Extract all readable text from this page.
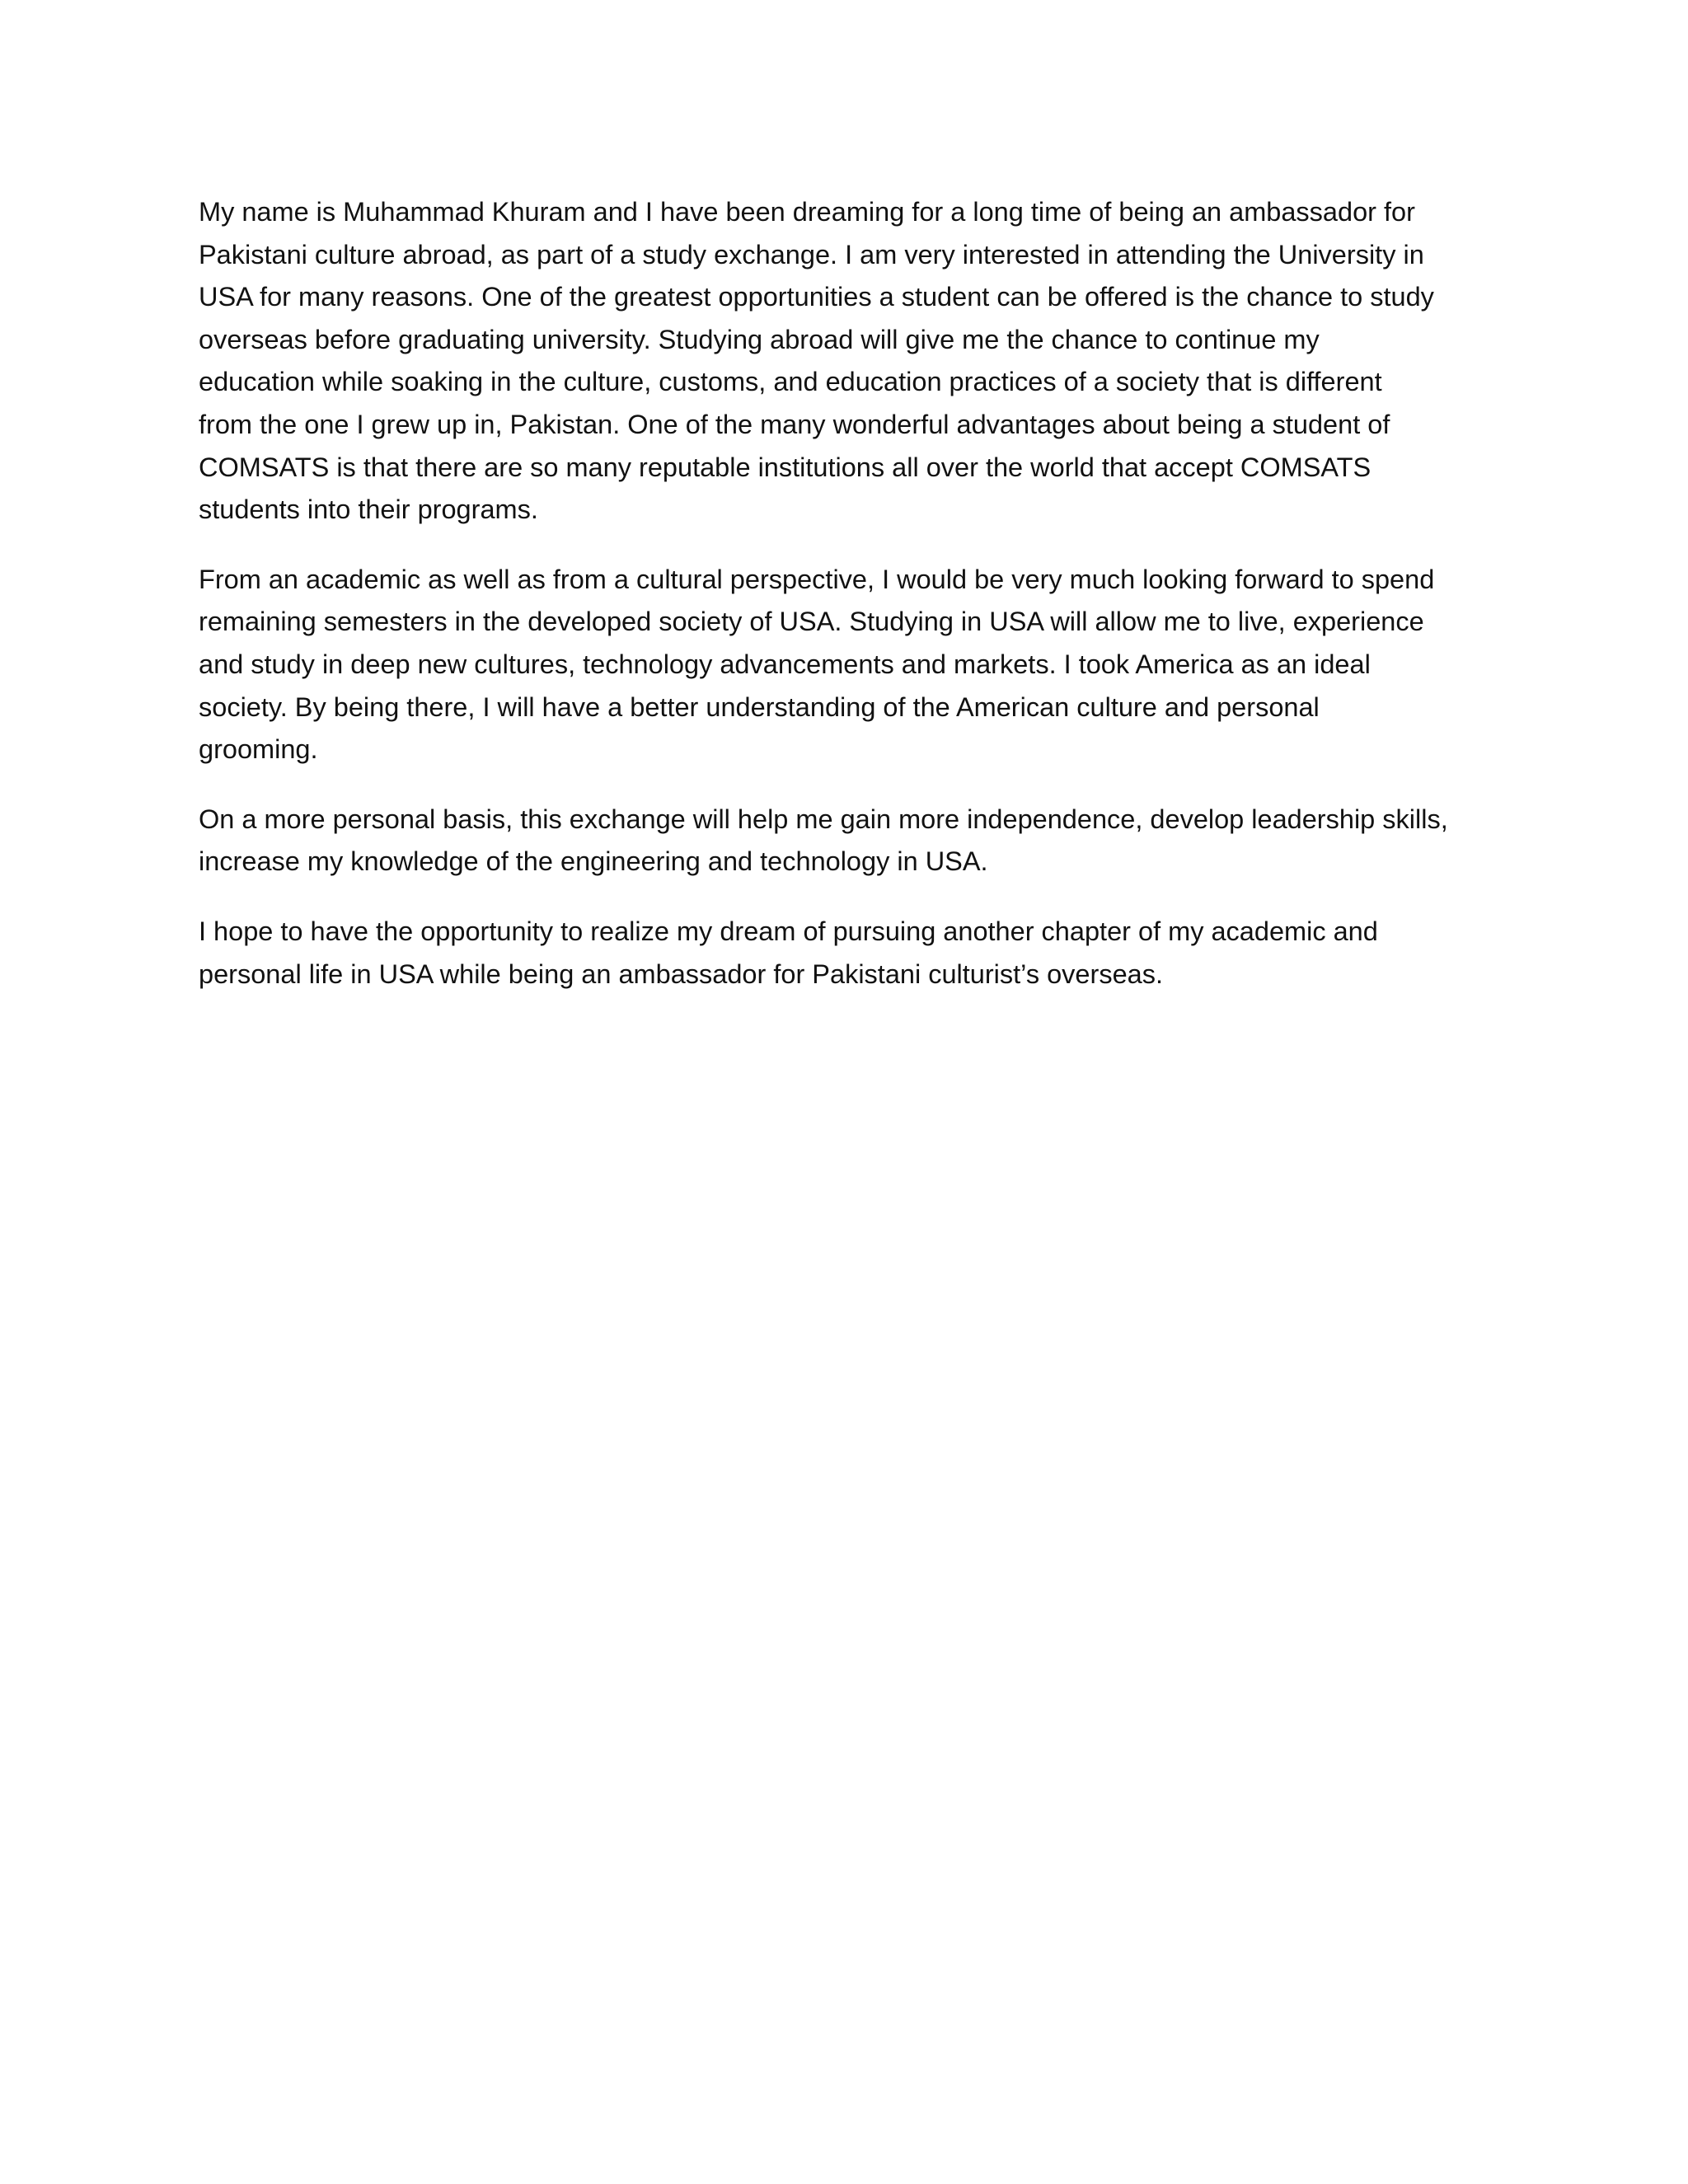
My name is Muhammad Khuram and I have been dreaming for a long time of being an ambassador for
Pakistani culture abroad, as part of a study exchange. I am very interested in attending the University in
USA for many reasons. One of the greatest opportunities a student can be offered is the chance to study
overseas before graduating university. Studying abroad will give me the chance to continue my
education while soaking in the culture, customs, and education practices of a society that is different
from the one I grew up in, Pakistan. One of the many wonderful advantages about being a student of
COMSATS is that there are so many reputable institutions all over the world that accept COMSATS
students into their programs.

From an academic as well as from a cultural perspective, I would be very much looking forward to spend
remaining semesters in the developed society of USA. Studying in USA will allow me to live, experience
and study in deep new cultures, technology advancements and markets. I took America as an ideal
society. By being there, I will have a better understanding of the American culture and personal
grooming.

On a more personal basis, this exchange will help me gain more independence, develop leadership skills,
increase my knowledge of the engineering and technology in USA.

I hope to have the opportunity to realize my dream of pursuing another chapter of my academic and
personal life in USA while being an ambassador for Pakistani culturist’s overseas.
